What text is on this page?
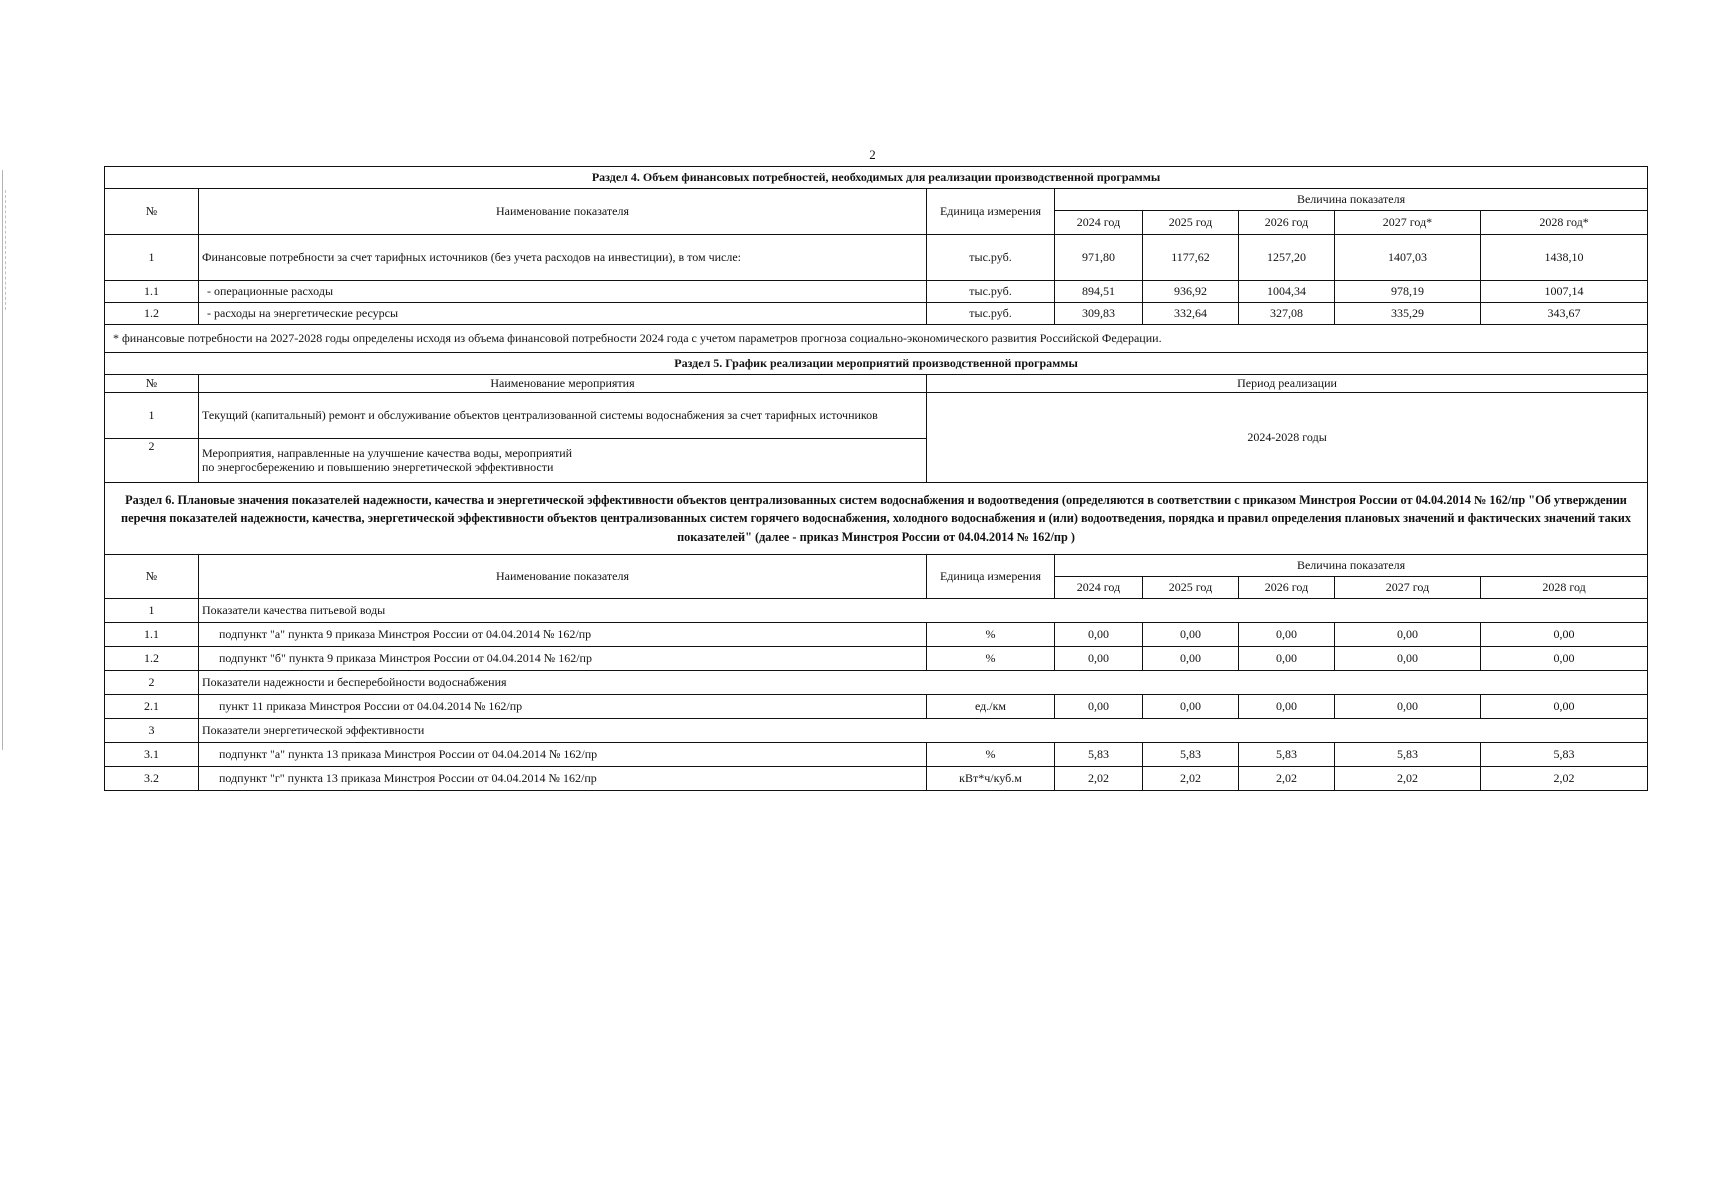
2
Раздел 4. Объем финансовых потребностей, необходимых для реализации производственной программы							
№	Наименование показателя	Единица измерения	Величина показателя				
			2024 год	2025 год	2026 год	2027 год*	2028 год*
1	Финансовые потребности за счет тарифных источников (без учета расходов на инвестиции), в том числе:	тыс.руб.	971,80	1177,62	1257,20	1407,03	1438,10
1.1	- операционные расходы	тыс.руб.	894,51	936,92	1004,34	978,19	1007,14
1.2	- расходы на энергетические ресурсы	тыс.руб.	309,83	332,64	327,08	335,29	343,67
* финансовые потребности на 2027-2028 годы определены исходя из объема финансовой потребности 2024 года с учетом параметров прогноза социально-экономического развития Российской Федерации.							
Раздел 5. График реализации мероприятий производственной программы							
№	Наименование мероприятия	Период реализации					
1	Текущий (капитальный) ремонт и обслуживание объектов централизованной системы водоснабжения за счет тарифных источников	2024-2028 годы					
2	Мероприятия, направленные на улучшение качества воды, мероприятий
по энергосбережению и повышению энергетической эффективности						

Раздел 6. Плановые значения показателей надежности, качества и энергетической эффективности объектов централизованных систем водоснабжения и водоотведения (определяются в соответствии с приказом Минстроя России от 04.04.2014 № 162/пр "Об утверждении перечня показателей надежности, качества, энергетической эффективности объектов централизованных систем горячего водоснабжения, холодного водоснабжения и (или) водоотведения, порядка и правил определения плановых значений и фактических значений таких показателей" (далее - приказ Минстроя России от 04.04.2014 № 162/пр )							
№	Наименование показателя	Единица измерения	Величина показателя				
			2024 год	2025 год	2026 год	2027 год	2028 год
1	Показатели качества питьевой воды						
1.1	подпункт "а" пункта 9 приказа Минстроя России от 04.04.2014 № 162/пр	%	0,00	0,00	0,00	0,00	0,00
1.2	подпункт "б" пункта 9 приказа Минстроя России от 04.04.2014 № 162/пр	%	0,00	0,00	0,00	0,00	0,00
2	Показатели надежности и бесперебойности водоснабжения						
2.1	пункт 11 приказа Минстроя России от 04.04.2014 № 162/пр	ед./км	0,00	0,00	0,00	0,00	0,00
3	Показатели энергетической эффективности						
3.1	подпункт "а" пункта 13 приказа Минстроя России от 04.04.2014 № 162/пр	%	5,83	5,83	5,83	5,83	5,83
3.2	подпункт "г" пункта 13 приказа Минстроя России от 04.04.2014 № 162/пр	кВт*ч/куб.м	2,02	2,02	2,02	2,02	2,02
